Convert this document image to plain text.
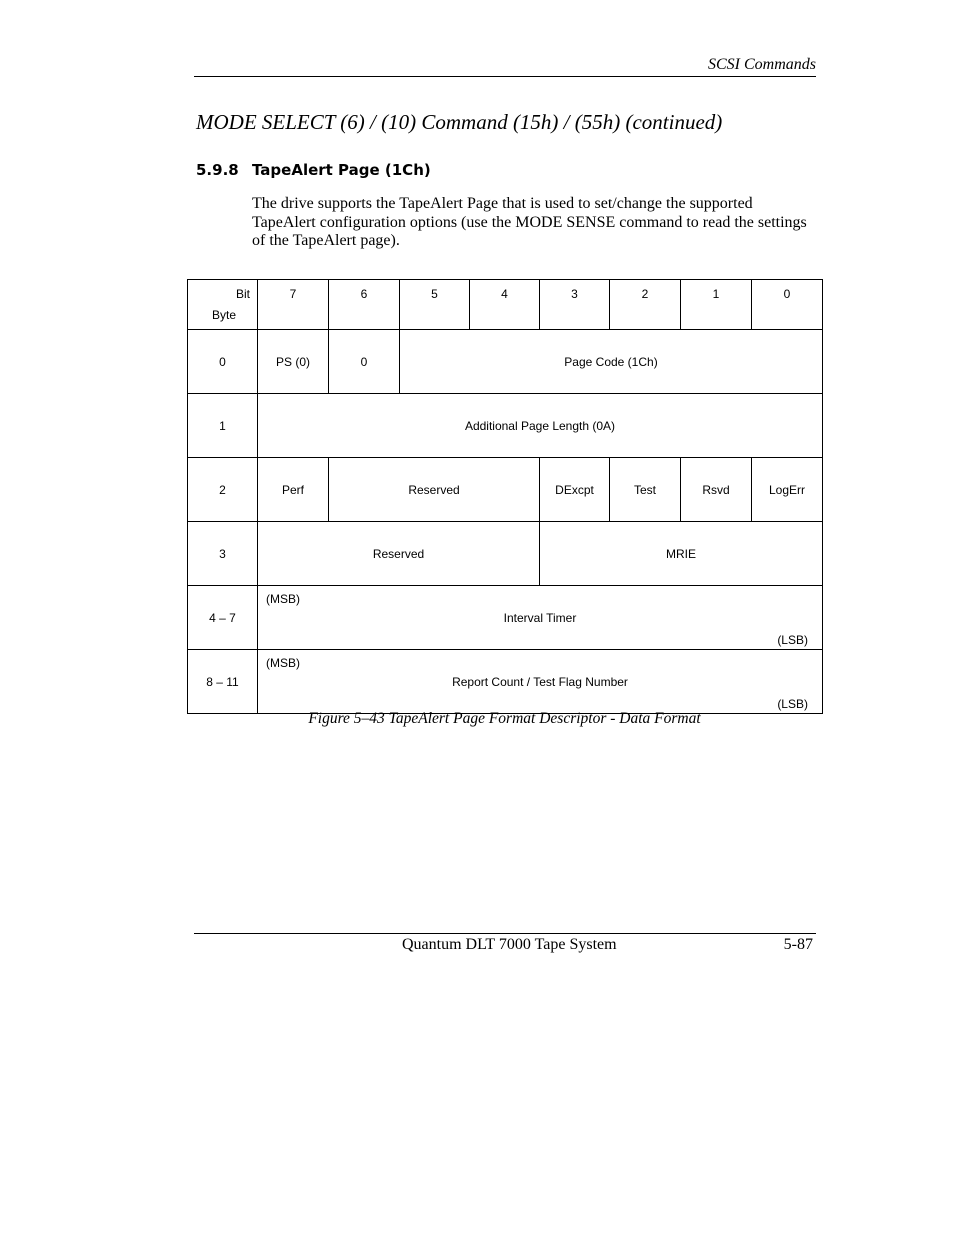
SCSI Commands
MODE SELECT (6) / (10) Command (15h) / (55h) (continued)
5.9.8 TapeAlert Page (1Ch)
The drive supports the TapeAlert Page that is used to set/change the supported TapeAlert configuration options (use the MODE SENSE command to read the settings of the TapeAlert page).
Bit
Byte	7	6	5	4	3	2	1	0
0	PS (0)	0	Page Code (1Ch)					
1	Additional Page Length (0A)							
2	Perf	Reserved			DExcpt	Test	Rsvd	LogErr
3	Reserved				MRIE			
4 – 7	(MSB)
Interval Timer
(LSB)							

8 – 11	(MSB)
Report Count / Test Flag Number
(LSB)							
Figure 5–43 TapeAlert Page Format Descriptor - Data Format
Quantum DLT 7000 Tape System	5-87
